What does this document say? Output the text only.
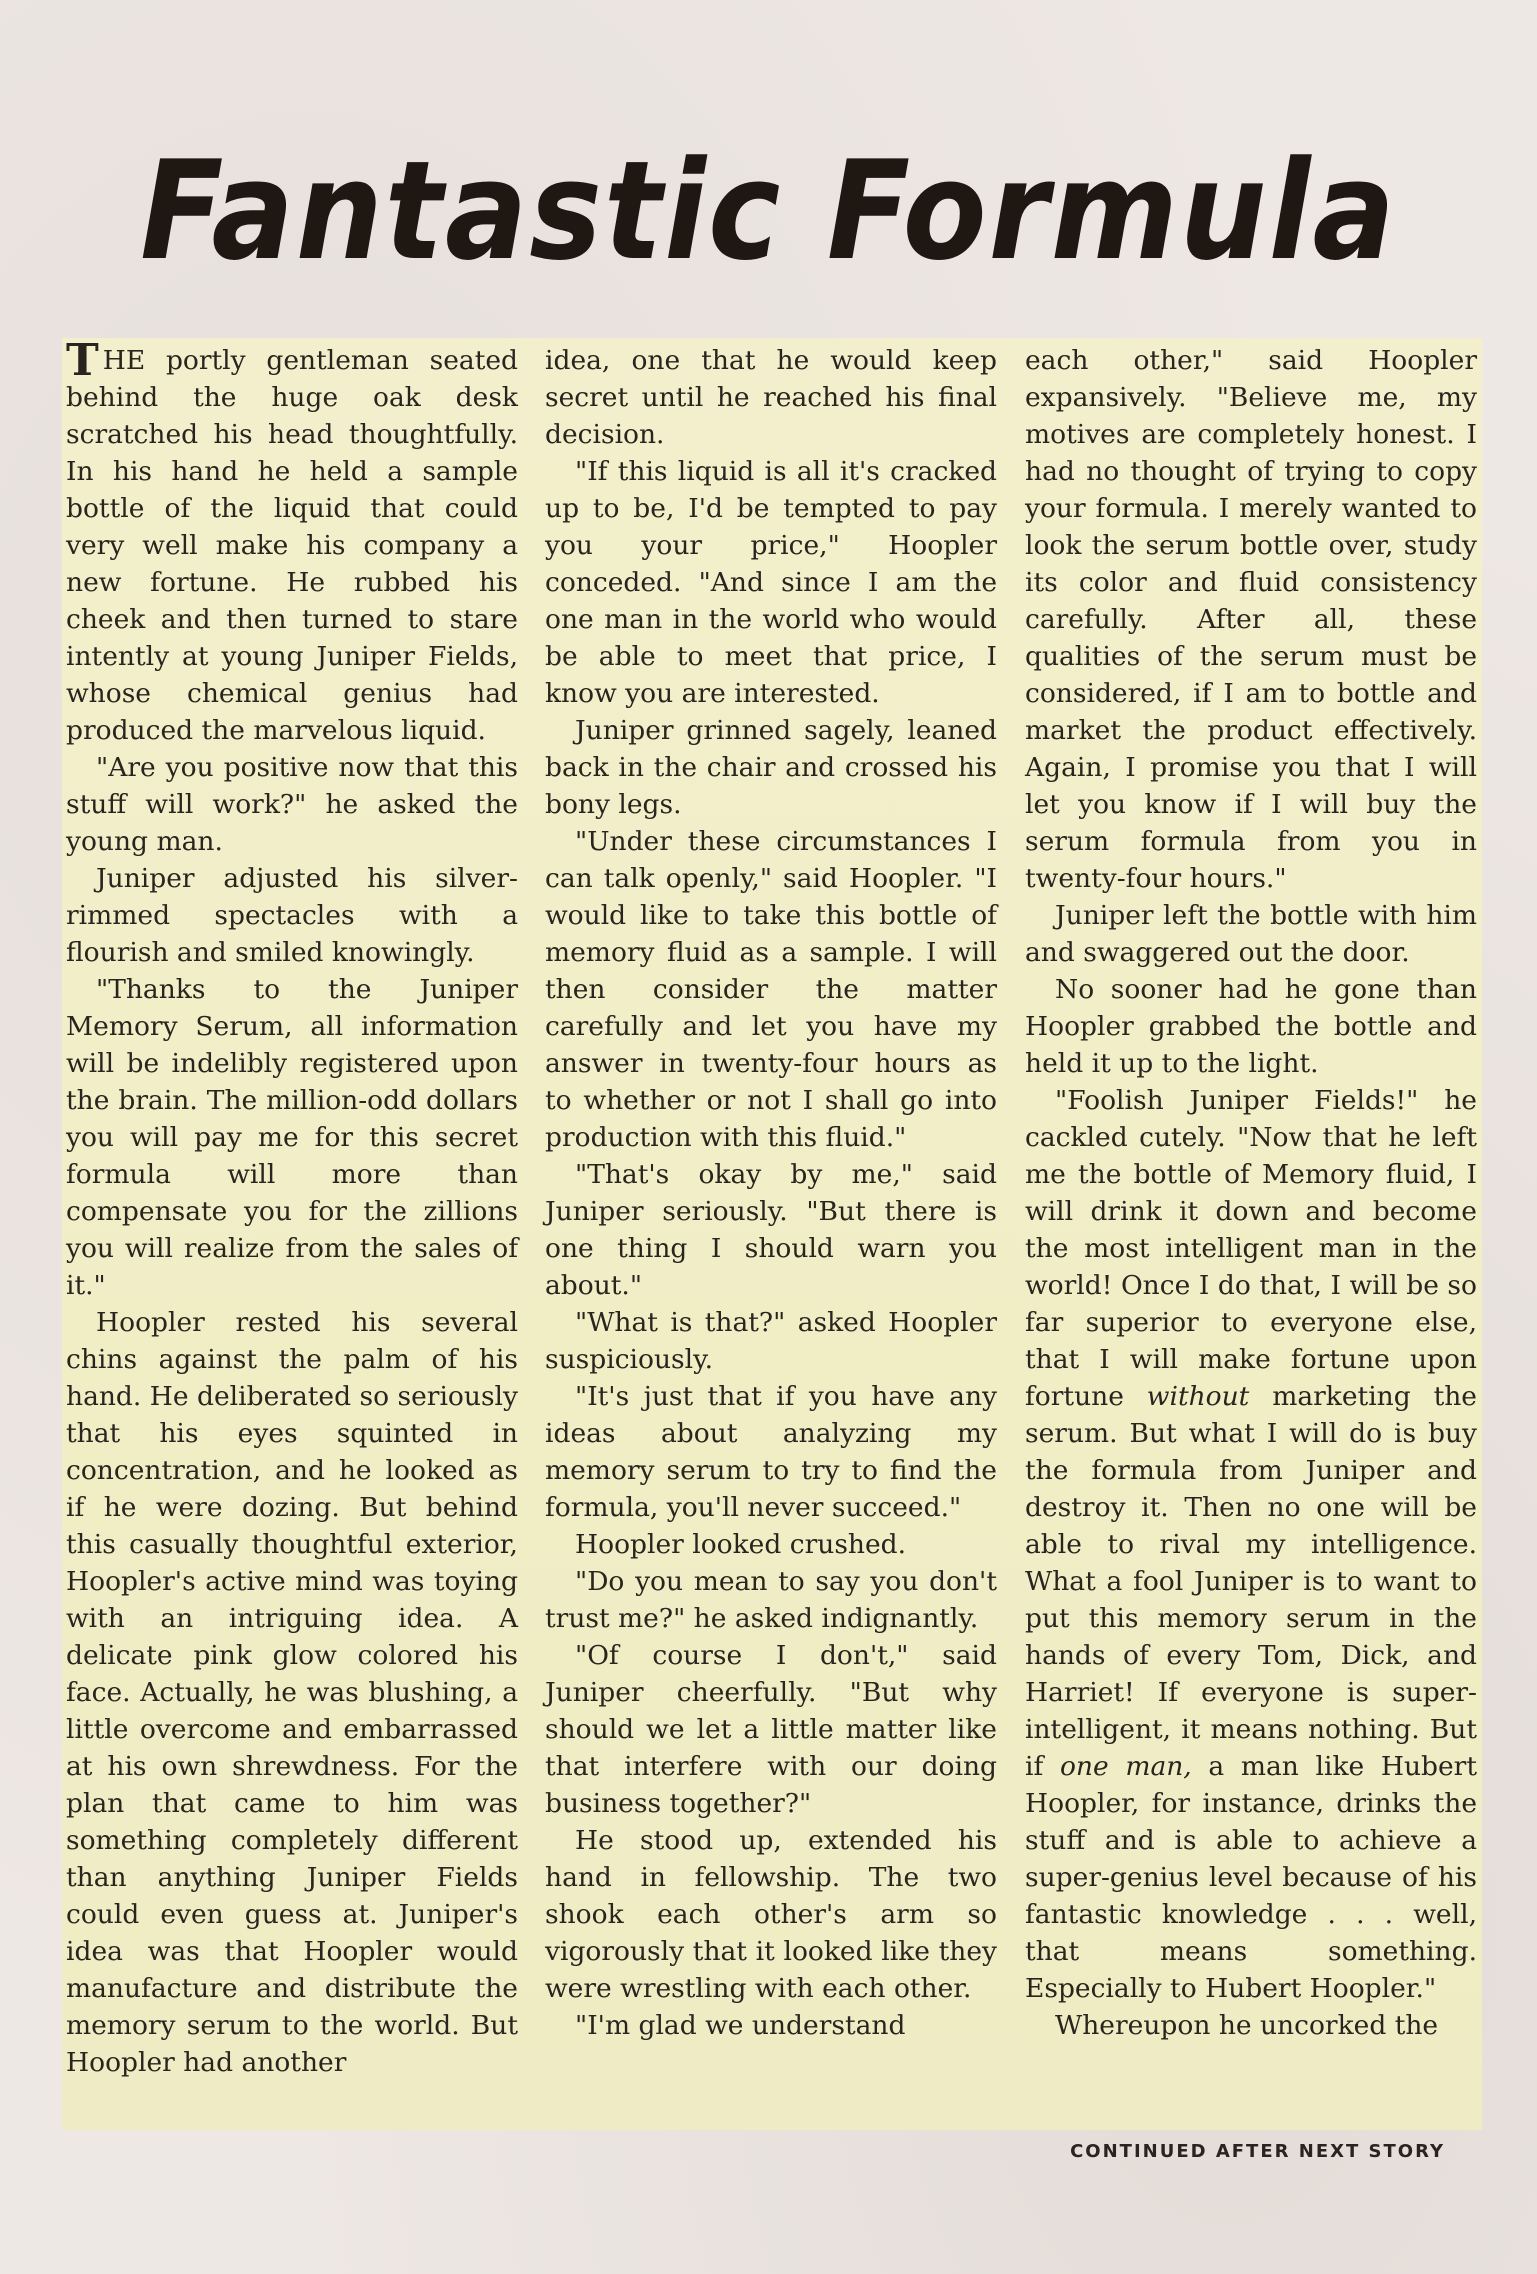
Fantastic Formula

THE portly gentleman seated behind the huge oak desk scratched his head thoughtfully. In his hand he held a sample bottle of the liquid that could very well make his company a new fortune. He rubbed his cheek and then turned to stare intently at young Juniper Fields, whose chemical genius had produced the marvelous liquid.

"Are you positive now that this stuff will work?" he asked the young man.

Juniper adjusted his silver-rimmed spectacles with a flourish and smiled knowingly.

"Thanks to the Juniper Memory Serum, all information will be indelibly registered upon the brain. The million-odd dollars you will pay me for this secret formula will more than compensate you for the zillions you will realize from the sales of it."

Hoopler rested his several chins against the palm of his hand. He deliberated so seriously that his eyes squinted in concentration, and he looked as if he were dozing. But behind this casually thoughtful exterior, Hoopler's active mind was toying with an intriguing idea. A delicate pink glow colored his face. Actually, he was blushing, a little overcome and embarrassed at his own shrewdness. For the plan that came to him was something completely different than anything Juniper Fields could even guess at. Juniper's idea was that Hoopler would manufacture and distribute the memory serum to the world. But Hoopler had another

idea, one that he would keep secret until he reached his final decision.

"If this liquid is all it's cracked up to be, I'd be tempted to pay you your price," Hoopler conceded. "And since I am the one man in the world who would be able to meet that price, I know you are interested.

Juniper grinned sagely, leaned back in the chair and crossed his bony legs.

"Under these circumstances I can talk openly," said Hoopler. "I would like to take this bottle of memory fluid as a sample. I will then consider the matter carefully and let you have my answer in twenty-four hours as to whether or not I shall go into production with this fluid."

"That's okay by me," said Juniper seriously. "But there is one thing I should warn you about."

"What is that?" asked Hoopler suspiciously.

"It's just that if you have any ideas about analyzing my memory serum to try to find the formula, you'll never succeed."

Hoopler looked crushed.

"Do you mean to say you don't trust me?" he asked indignantly.

"Of course I don't," said Juniper cheerfully. "But why should we let a little matter like that interfere with our doing business together?"

He stood up, extended his hand in fellowship. The two shook each other's arm so vigorously that it looked like they were wrestling with each other.

"I'm glad we understand

each other," said Hoopler expansively. "Believe me, my motives are completely honest. I had no thought of trying to copy your formula. I merely wanted to look the serum bottle over, study its color and fluid consistency carefully. After all, these qualities of the serum must be considered, if I am to bottle and market the product effectively. Again, I promise you that I will let you know if I will buy the serum formula from you in twenty-four hours."

Juniper left the bottle with him and swaggered out the door.

No sooner had he gone than Hoopler grabbed the bottle and held it up to the light.

"Foolish Juniper Fields!" he cackled cutely. "Now that he left me the bottle of Memory fluid, I will drink it down and become the most intelligent man in the world! Once I do that, I will be so far superior to everyone else, that I will make fortune upon fortune without marketing the serum. But what I will do is buy the formula from Juniper and destroy it. Then no one will be able to rival my intelligence. What a fool Juniper is to want to put this memory serum in the hands of every Tom, Dick, and Harriet! If everyone is super-intelligent, it means nothing. But if one man, a man like Hubert Hoopler, for instance, drinks the stuff and is able to achieve a super-genius level because of his fantastic knowledge . . . well, that means something. Especially to Hubert Hoopler."

Whereupon he uncorked the

CONTINUED AFTER NEXT STORY
